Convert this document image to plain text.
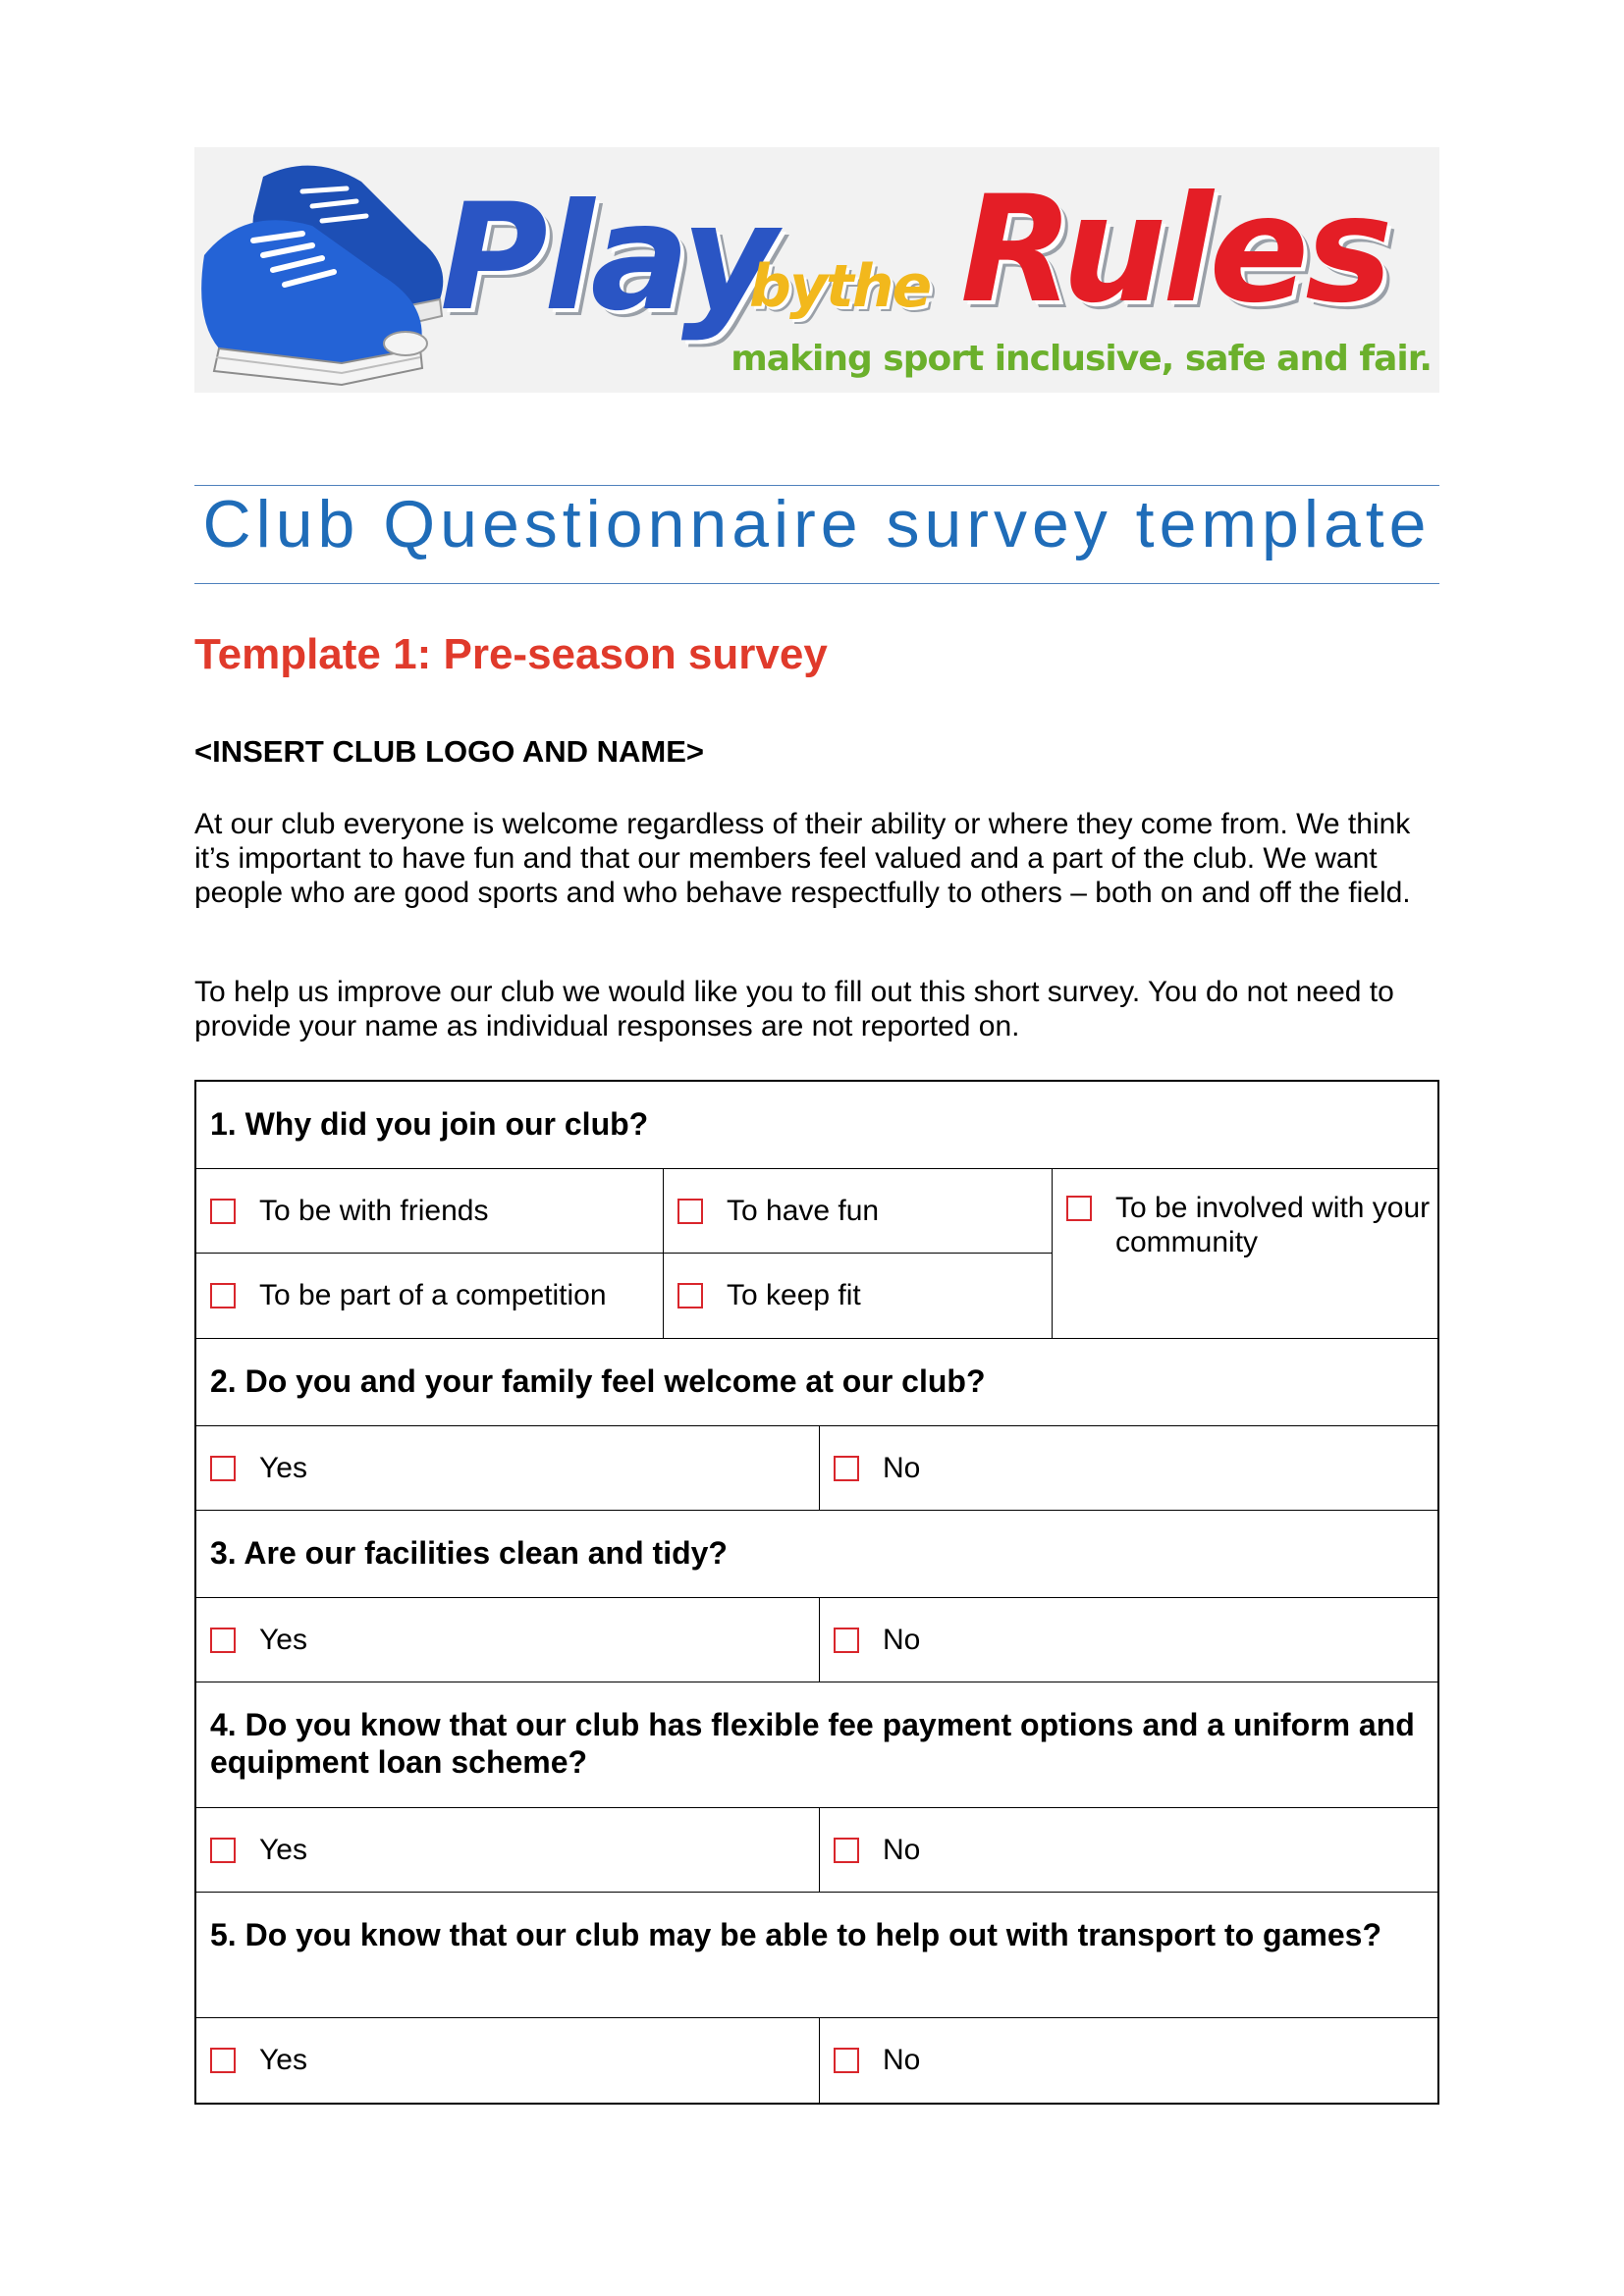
Play
bythe Rules
making sport inclusive, safe and fair.
Club Questionnaire survey template
Template 1: Pre-season survey
<INSERT CLUB LOGO AND NAME>

At our club everyone is welcome regardless of their ability or where they come from. We think it’s important to have fun and that our members feel valued and a part of the club. We want people who are good sports and who behave respectfully to others – both on and off the field.

To help us improve our club we would like you to fill out this short survey. You do not need to provide your name as individual responses are not reported on.

1. Why did you join our club?
To be with friends	To have fun	To be involved with your community
To be part of a competition	To keep fit
2. Do you and your family feel welcome at our club?
Yes	No
3. Are our facilities clean and tidy?
Yes	No
4. Do you know that our club has flexible fee payment options and a uniform and equipment loan scheme?
Yes	No
5. Do you know that our club may be able to help out with transport to games?
Yes	No
